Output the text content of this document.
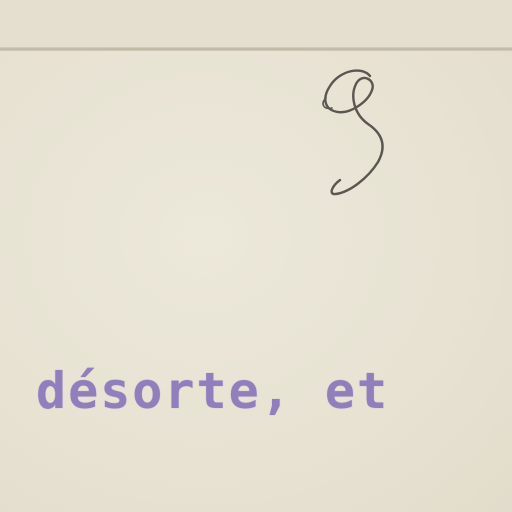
désorte, et
